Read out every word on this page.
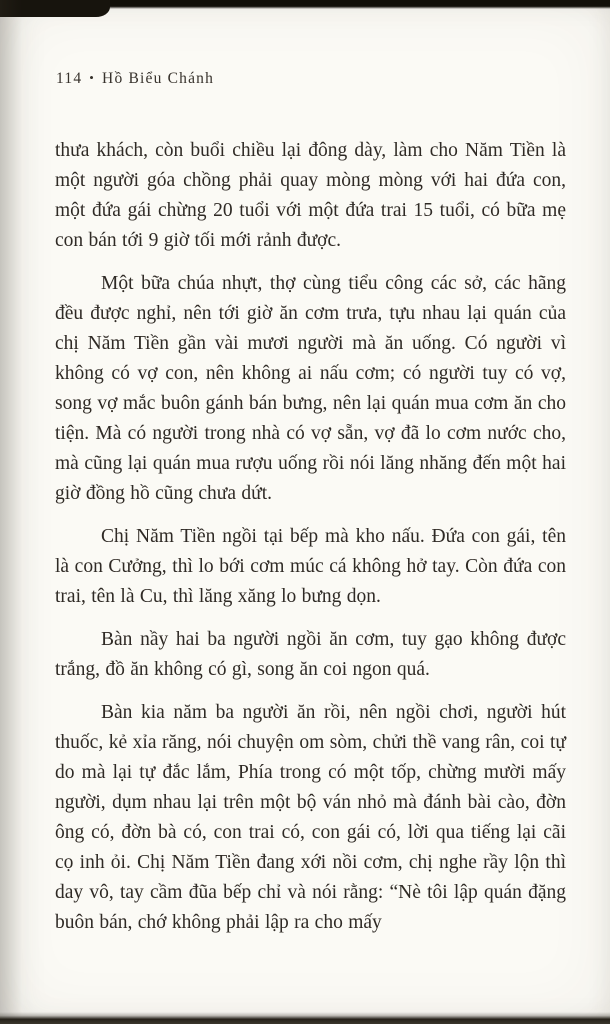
114 • Hồ Biểu Chánh

thưa khách, còn buổi chiều lại đông dày, làm cho Năm Tiền là một người góa chồng phải quay mòng mòng với hai đứa con, một đứa gái chừng 20 tuổi với một đứa trai 15 tuổi, có bữa mẹ con bán tới 9 giờ tối mới rảnh được.

Một bữa chúa nhựt, thợ cùng tiểu công các sở, các hãng đều được nghỉ, nên tới giờ ăn cơm trưa, tựu nhau lại quán của chị Năm Tiền gần vài mươi người mà ăn uống. Có người vì không có vợ con, nên không ai nấu cơm; có người tuy có vợ, song vợ mắc buôn gánh bán bưng, nên lại quán mua cơm ăn cho tiện. Mà có người trong nhà có vợ sẵn, vợ đã lo cơm nước cho, mà cũng lại quán mua rượu uống rồi nói lăng nhăng đến một hai giờ đồng hồ cũng chưa dứt.

Chị Năm Tiền ngồi tại bếp mà kho nấu. Đứa con gái, tên là con Cưởng, thì lo bới cơm múc cá không hở tay. Còn đứa con trai, tên là Cu, thì lăng xăng lo bưng dọn.

Bàn nầy hai ba người ngồi ăn cơm, tuy gạo không được trắng, đồ ăn không có gì, song ăn coi ngon quá.

Bàn kia năm ba người ăn rồi, nên ngồi chơi, người hút thuốc, kẻ xỉa răng, nói chuyện om sòm, chửi thề vang rân, coi tự do mà lại tự đắc lắm, Phía trong có một tốp, chừng mười mấy người, dụm nhau lại trên một bộ ván nhỏ mà đánh bài cào, đờn ông có, đờn bà có, con trai có, con gái có, lời qua tiếng lại cãi cọ inh ỏi. Chị Năm Tiền đang xới nồi cơm, chị nghe rầy lộn thì day vô, tay cầm đũa bếp chỉ và nói rằng: “Nè tôi lập quán đặng buôn bán, chớ không phải lập ra cho mấy
